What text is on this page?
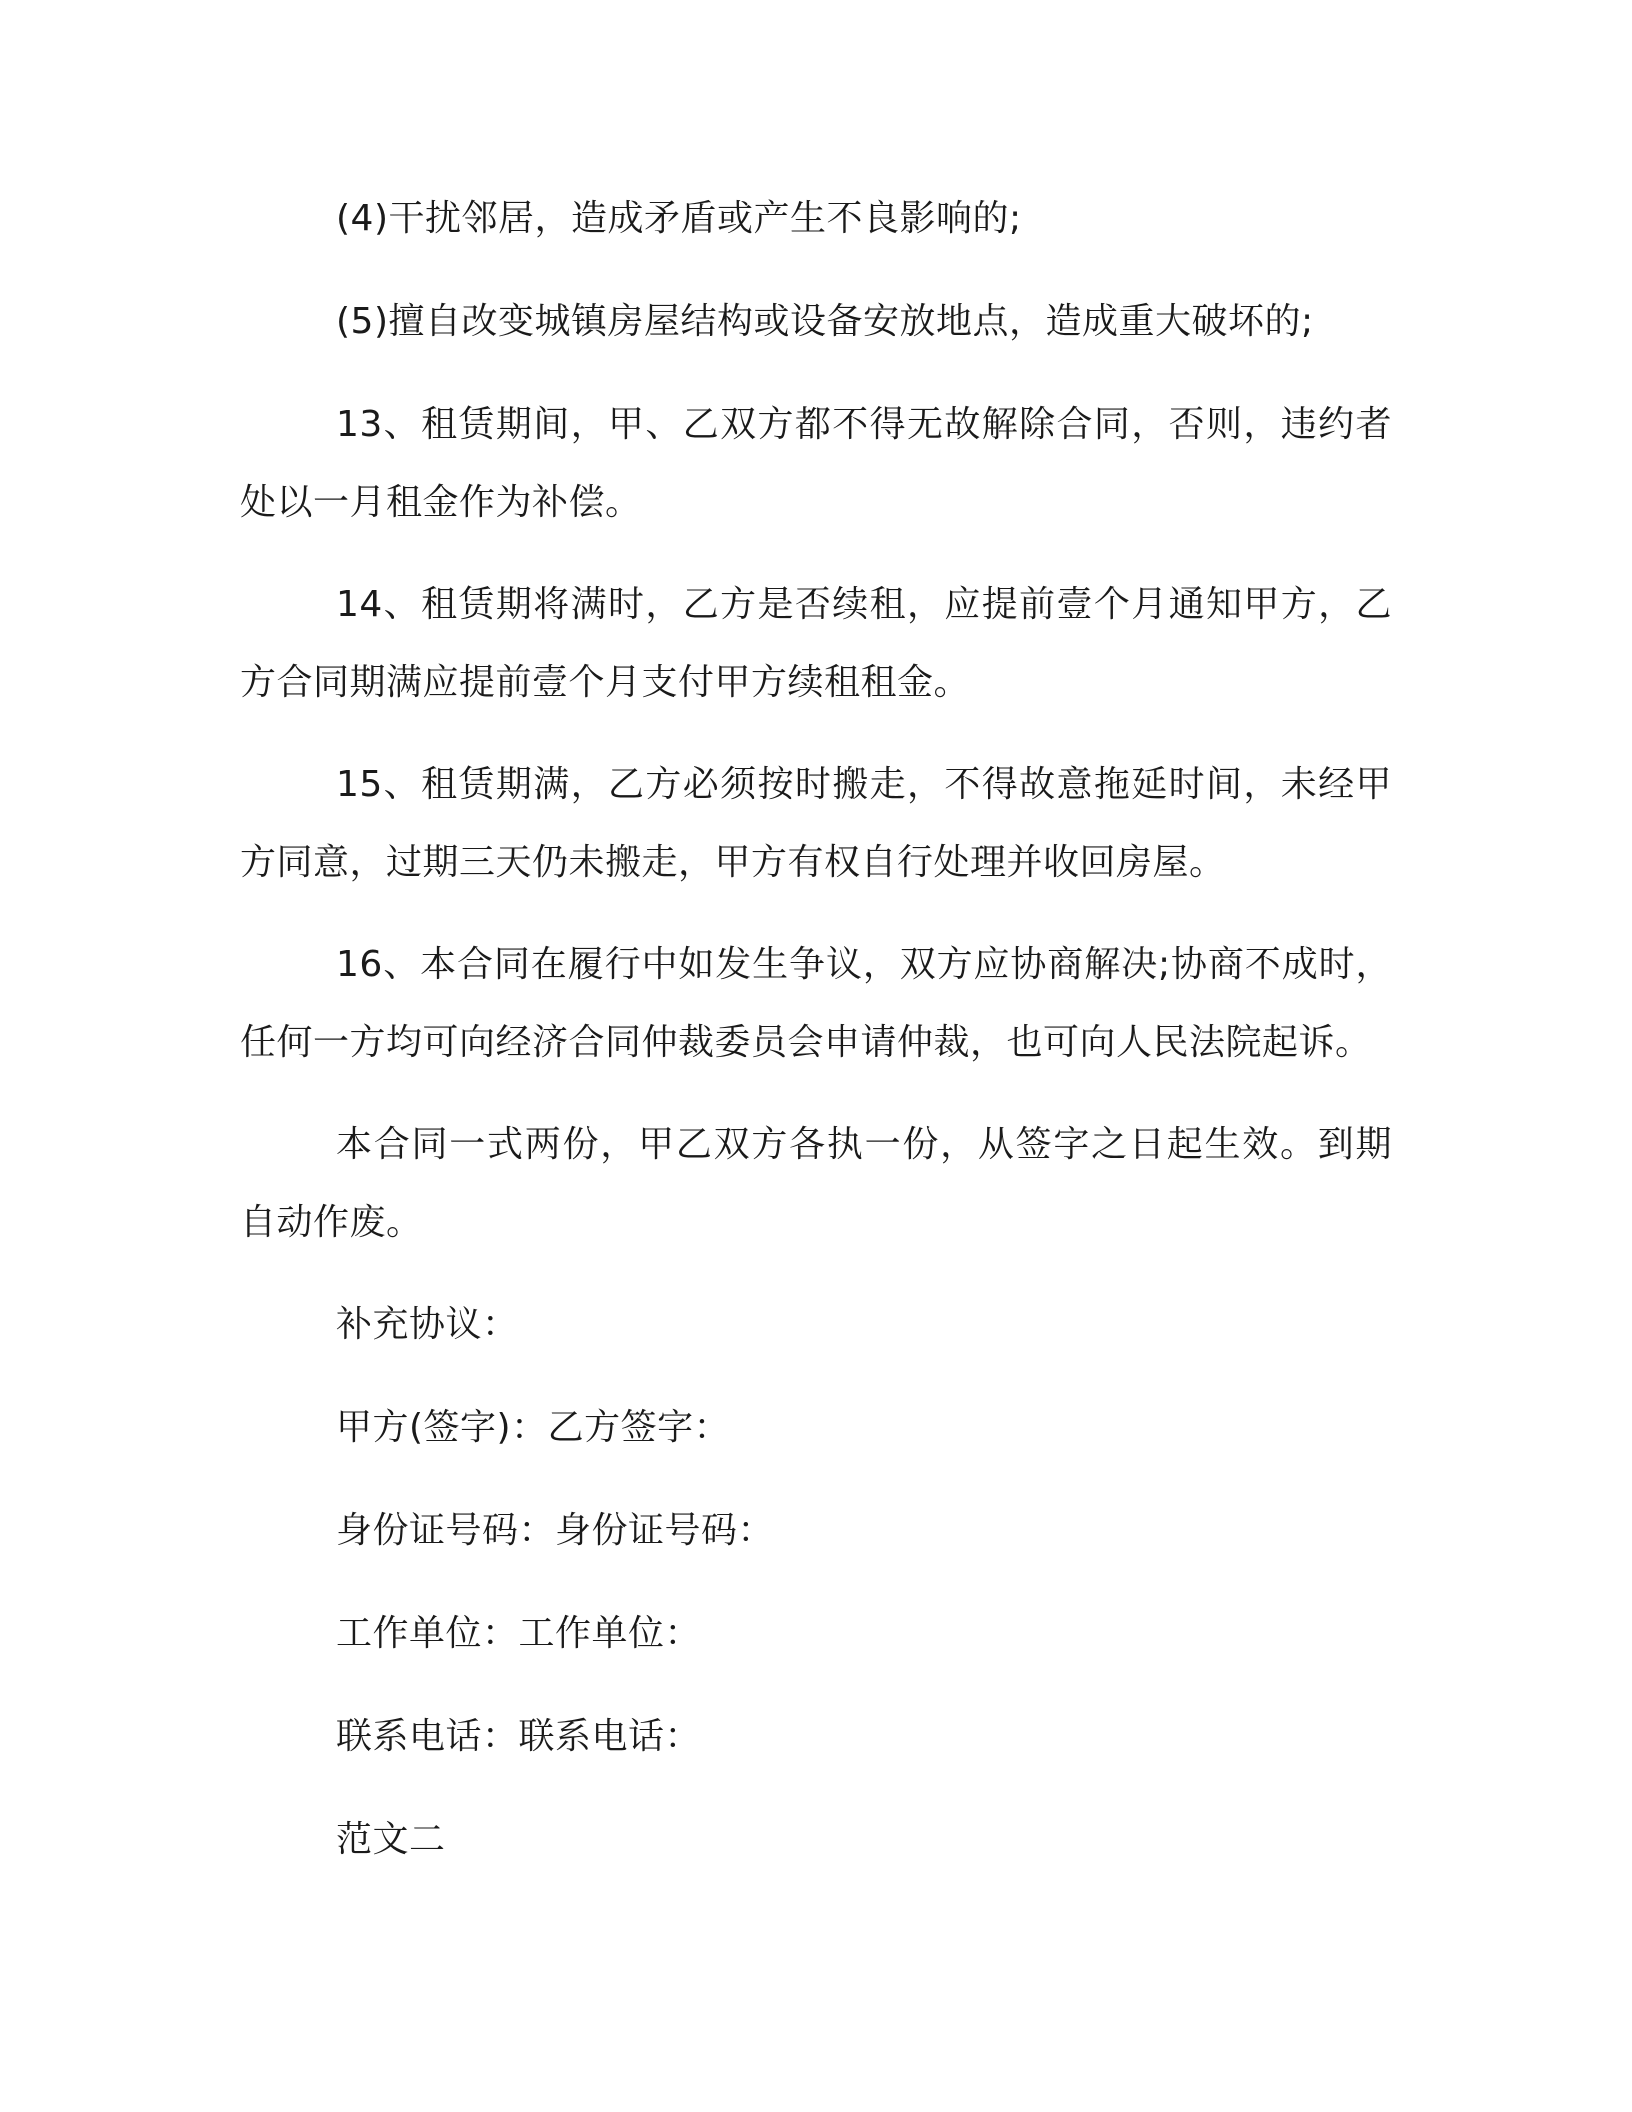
(4)干扰邻居，造成矛盾或产生不良影响的;

(5)擅自改变城镇房屋结构或设备安放地点，造成重大破坏的;

13、租赁期间，甲、乙双方都不得无故解除合同，否则，违约者处以一月租金作为补偿。

14、租赁期将满时，乙方是否续租，应提前壹个月通知甲方，乙方合同期满应提前壹个月支付甲方续租租金。

15、租赁期满，乙方必须按时搬走，不得故意拖延时间，未经甲方同意，过期三天仍未搬走，甲方有权自行处理并收回房屋。

16、本合同在履行中如发生争议，双方应协商解决;协商不成时，任何一方均可向经济合同仲裁委员会申请仲裁，也可向人民法院起诉。

本合同一式两份，甲乙双方各执一份，从签字之日起生效。到期自动作废。

补充协议：

甲方(签字)：乙方签字：

身份证号码：身份证号码：

工作单位：工作单位：

联系电话：联系电话：

范文二
